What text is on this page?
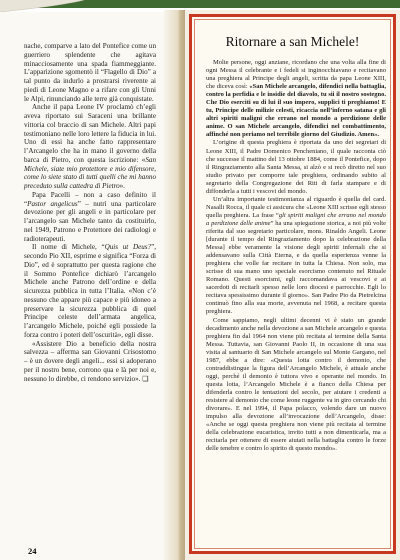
nache, comparve a lato del Pontefice come un guerriero splendente che agitava minacciosamente una spada fiammeggiante. L’apparizione sgomentò il “Flagello di Dio” a tal punto da indurlo a prostrarsi riverente ai piedi di Leone Magno e a rifare con gli Unni le Alpi, rinunciando alle terre già conquistate.

Anche il papa Leone IV proclamò ch’egli aveva riportato sui Saraceni una brillante vittoria col braccio di san Michele. Altri papi testimoniano nelle loro lettere la fiducia in lui. Uno di essi ha anche fatto rappresentare l’Arcangelo che ha in mano il governo della barca di Pietro, con questa iscrizione: «San Michele, siate mio protettore e mio difensore, come lo siete stato di tutti quelli che mi hanno preceduto sulla cattedra di Pietro».

Papa Pacelli – non a caso definito il “Pastor angelicus” – nutrì una particolare devozione per gli angeli e in particolare per l’arcangelo san Michele tanto da costituirlo, nel 1949, Patrono e Protettore dei radiologi e radioterapeuti.

Il nome di Michele, “Quis ut Deus?”, secondo Pio XII, esprime e significa “Forza di Dio”, ed è soprattutto per questa ragione che il Sommo Pontefice dichiarò l’arcangelo Michele anche Patrono dell’ordine e della sicurezza pubblica in tutta l’Italia. «Non c’è nessuno che appare più capace e più idoneo a preservare la sicurezza pubblica di quel Principe celeste dell’armata angelica, l’arcangelo Michele, poiché egli possiede la forza contro i poteri dell’oscurità», egli disse.

«Assistere Dio a beneficio della nostra salvezza – afferma san Giovanni Crisostomo – è un dovere degli angeli... essi si adoperano per il nostro bene, corrono qua e là per noi e, nessuno lo direbbe, ci rendono servizio». ❑

24
Ritornare a san Michele!

Molte persone, oggi anziane, ricordano che una volta alla fine di ogni Messa il celebrante e i fedeli si inginocchiavano e recitavano una preghiera al Principe degli angeli, scritta da papa Leone XIII, che diceva così: «San Michele arcangelo, difendici nella battaglia, contro la perfidia e le insidie del diavolo, tu sii il nostro sostegno. Che Dio eserciti su di lui il suo impero, supplici ti preghiamo! E tu, Principe delle milizie celesti, ricaccia nell’inferno satana e gli altri spiriti maligni che errano nel mondo a perdizione delle anime. O san Michele arcangelo, difendici nel combattimento, affinché non periamo nel terribile giorno del Giudizio. Amen».

L’origine di questa preghiera è riportata da uno dei segretari di Leone XIII, il Padre Domenico Pencheniano, il quale racconta ciò che successe il mattino del 13 ottobre 1884, come il Pontefice, dopo il Ringraziamento alla Santa Messa, si alzò e si recò diretto nel suo studio privato per comporre tale preghiera, ordinando subito al segretario della Congregazione dei Riti di farla stampare e di diffonderla a tutti i vescovi del mondo.

Un’altra importante testimonianza al riguardo è quella del card. Nasalli Rocca, il quale ci assicura che «Leone XIII scrisse egli stesso quella preghiera. La frase “gli spiriti maligni che errano nel mondo a perdizione delle anime” ha una spiegazione storica, a noi più volte riferita dal suo segretario particolare, mons. Rinaldo Angeli. Leone [durante il tempo del Ringraziamento dopo la celebrazione della Messa] ebbe veramente la visione degli spiriti infernali che si addensavano sulla Città Eterna, e da quella esperienza venne la preghiera che volle far recitare in tutta la Chiesa. Non solo, ma scrisse di sua mano uno speciale esorcismo contenuto nel Rituale Romano. Questi esorcismi, egli raccomandava ai vescovi e ai sacerdoti di recitarli spesso nelle loro diocesi e parrocchie. Egli lo recitava spessissimo durante il giorno». San Padre Pio da Pietrelcina continuò fino alla sua morte, avvenuta nel 1968, a recitare questa preghiera.

Come sappiamo, negli ultimi decenni vi è stato un grande decadimento anche nella devozione a san Michele arcangelo e questa preghiera fin dal 1964 non viene più recitata al termine della Santa Messa. Tuttavia, san Giovanni Paolo II, in occasione di una sua visita al santuario di San Michele arcangelo sul Monte Gargano, nel 1987, ebbe a dire: «Questa lotta contro il demonio, che contraddistingue la figura dell’Arcangelo Michele, è attuale anche oggi, perché il demonio è tuttora vivo e operante nel mondo. In questa lotta, l’Arcangelo Michele è a fianco della Chiesa per difenderla contro le tentazioni del secolo, per aiutare i credenti a resistere al demonio che come leone ruggente va in giro cercando chi divorare». E nel 1994, il Papa polacco, volendo dare un nuovo impulso alla devozione all’invocazione dell’Arcangelo, disse: «Anche se oggi questa preghiera non viene più recitata al termine della celebrazione eucaristica, invito tutti a non dimenticarla, ma a recitarla per ottenere di essere aiutati nella battaglia contro le forze delle tenebre e contro lo spirito di questo mondo».
